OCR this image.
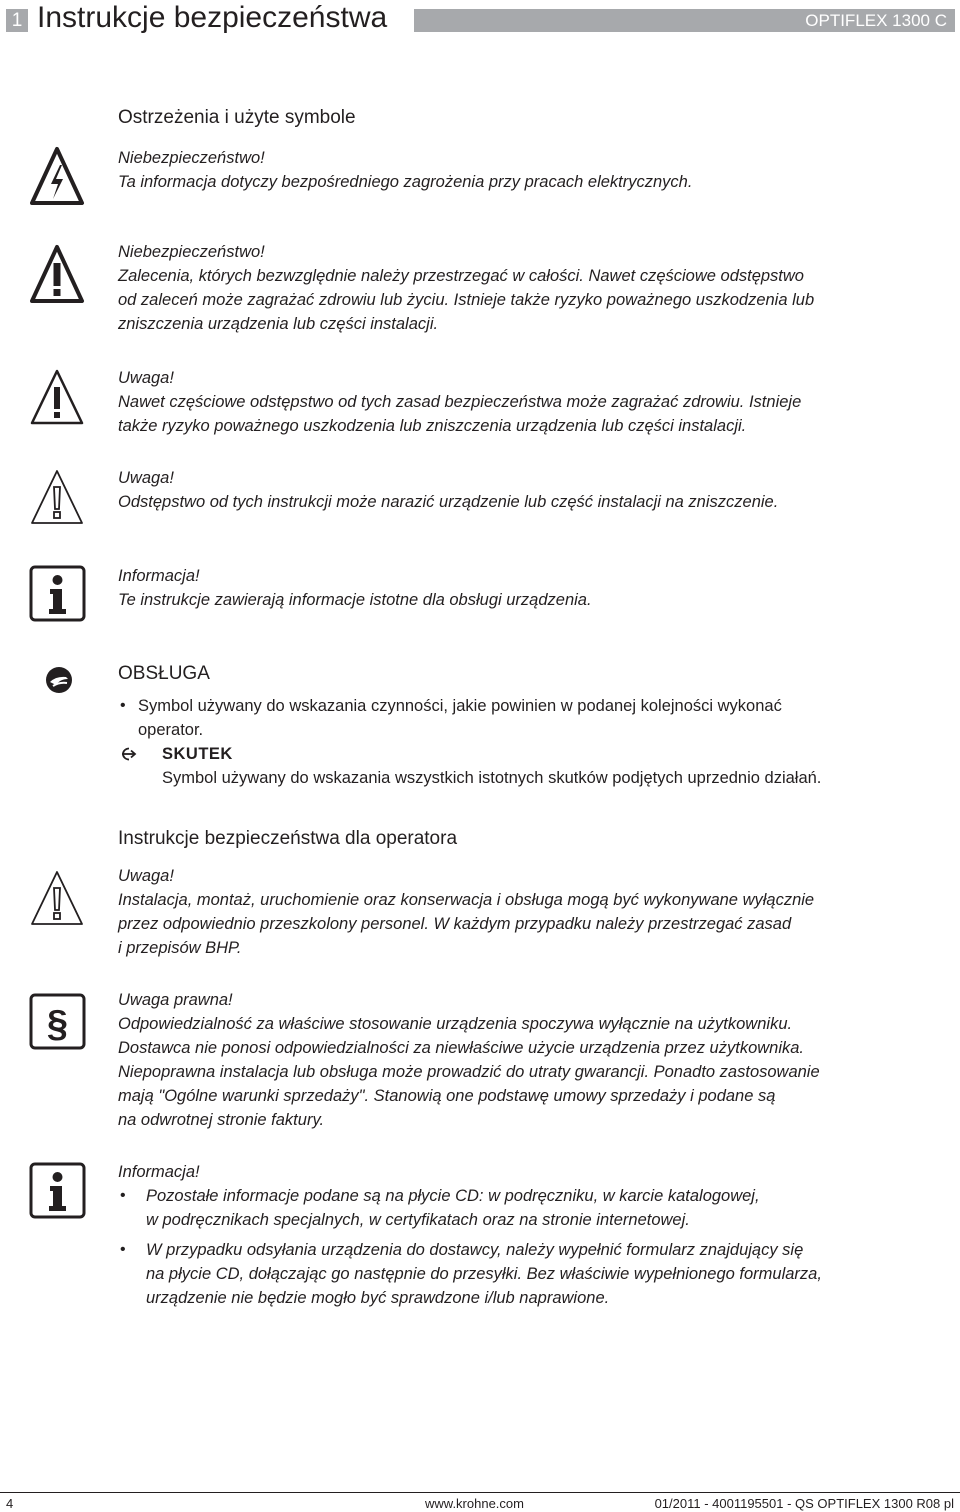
1 Instrukcje bezpieczeństwa	OPTIFLEX 1300 C
Ostrzeżenia i użyte symbole
Niebezpieczeństwo!
Ta informacja dotyczy bezpośredniego zagrożenia przy pracach elektrycznych.
Niebezpieczeństwo!
Zalecenia, których bezwzględnie należy przestrzegać w całości. Nawet częściowe odstępstwo
od zaleceń może zagrażać zdrowiu lub życiu. Istnieje także ryzyko poważnego uszkodzenia lub
zniszczenia urządzenia lub części instalacji.
Uwaga!
Nawet częściowe odstępstwo od tych zasad bezpieczeństwa może zagrażać zdrowiu. Istnieje
także ryzyko poważnego uszkodzenia lub zniszczenia urządzenia lub części instalacji.
Uwaga!
Odstępstwo od tych instrukcji może narazić urządzenie lub część instalacji na zniszczenie.
Informacja!
Te instrukcje zawierają informacje istotne dla obsługi urządzenia.
OBSŁUGA
• Symbol używany do wskazania czynności, jakie powinien w podanej kolejności wykonać
operator.
SKUTEK
Symbol używany do wskazania wszystkich istotnych skutków podjętych uprzednio działań.
Instrukcje bezpieczeństwa dla operatora
Uwaga!
Instalacja, montaż, uruchomienie oraz konserwacja i obsługa mogą być wykonywane wyłącznie
przez odpowiednio przeszkolony personel. W każdym przypadku należy przestrzegać zasad
i przepisów BHP.
§
Uwaga prawna!
Odpowiedzialność za właściwe stosowanie urządzenia spoczywa wyłącznie na użytkowniku.
Dostawca nie ponosi odpowiedzialności za niewłaściwe użycie urządzenia przez użytkownika.
Niepoprawna instalacja lub obsługa może prowadzić do utraty gwarancji. Ponadto zastosowanie
mają "Ogólne warunki sprzedaży". Stanowią one podstawę umowy sprzedaży i podane są
na odwrotnej stronie faktury.
Informacja!
• Pozostałe informacje podane są na płycie CD: w podręczniku, w karcie katalogowej,
w podręcznikach specjalnych, w certyfikatach oraz na stronie internetowej.
• W przypadku odsyłania urządzenia do dostawcy, należy wypełnić formularz znajdujący się
na płycie CD, dołączając go następnie do przesyłki. Bez właściwie wypełnionego formularza,
urządzenie nie będzie mogło być sprawdzone i/lub naprawione.
4	www.krohne.com	01/2011 - 4001195501 - QS OPTIFLEX 1300 R08 pl
